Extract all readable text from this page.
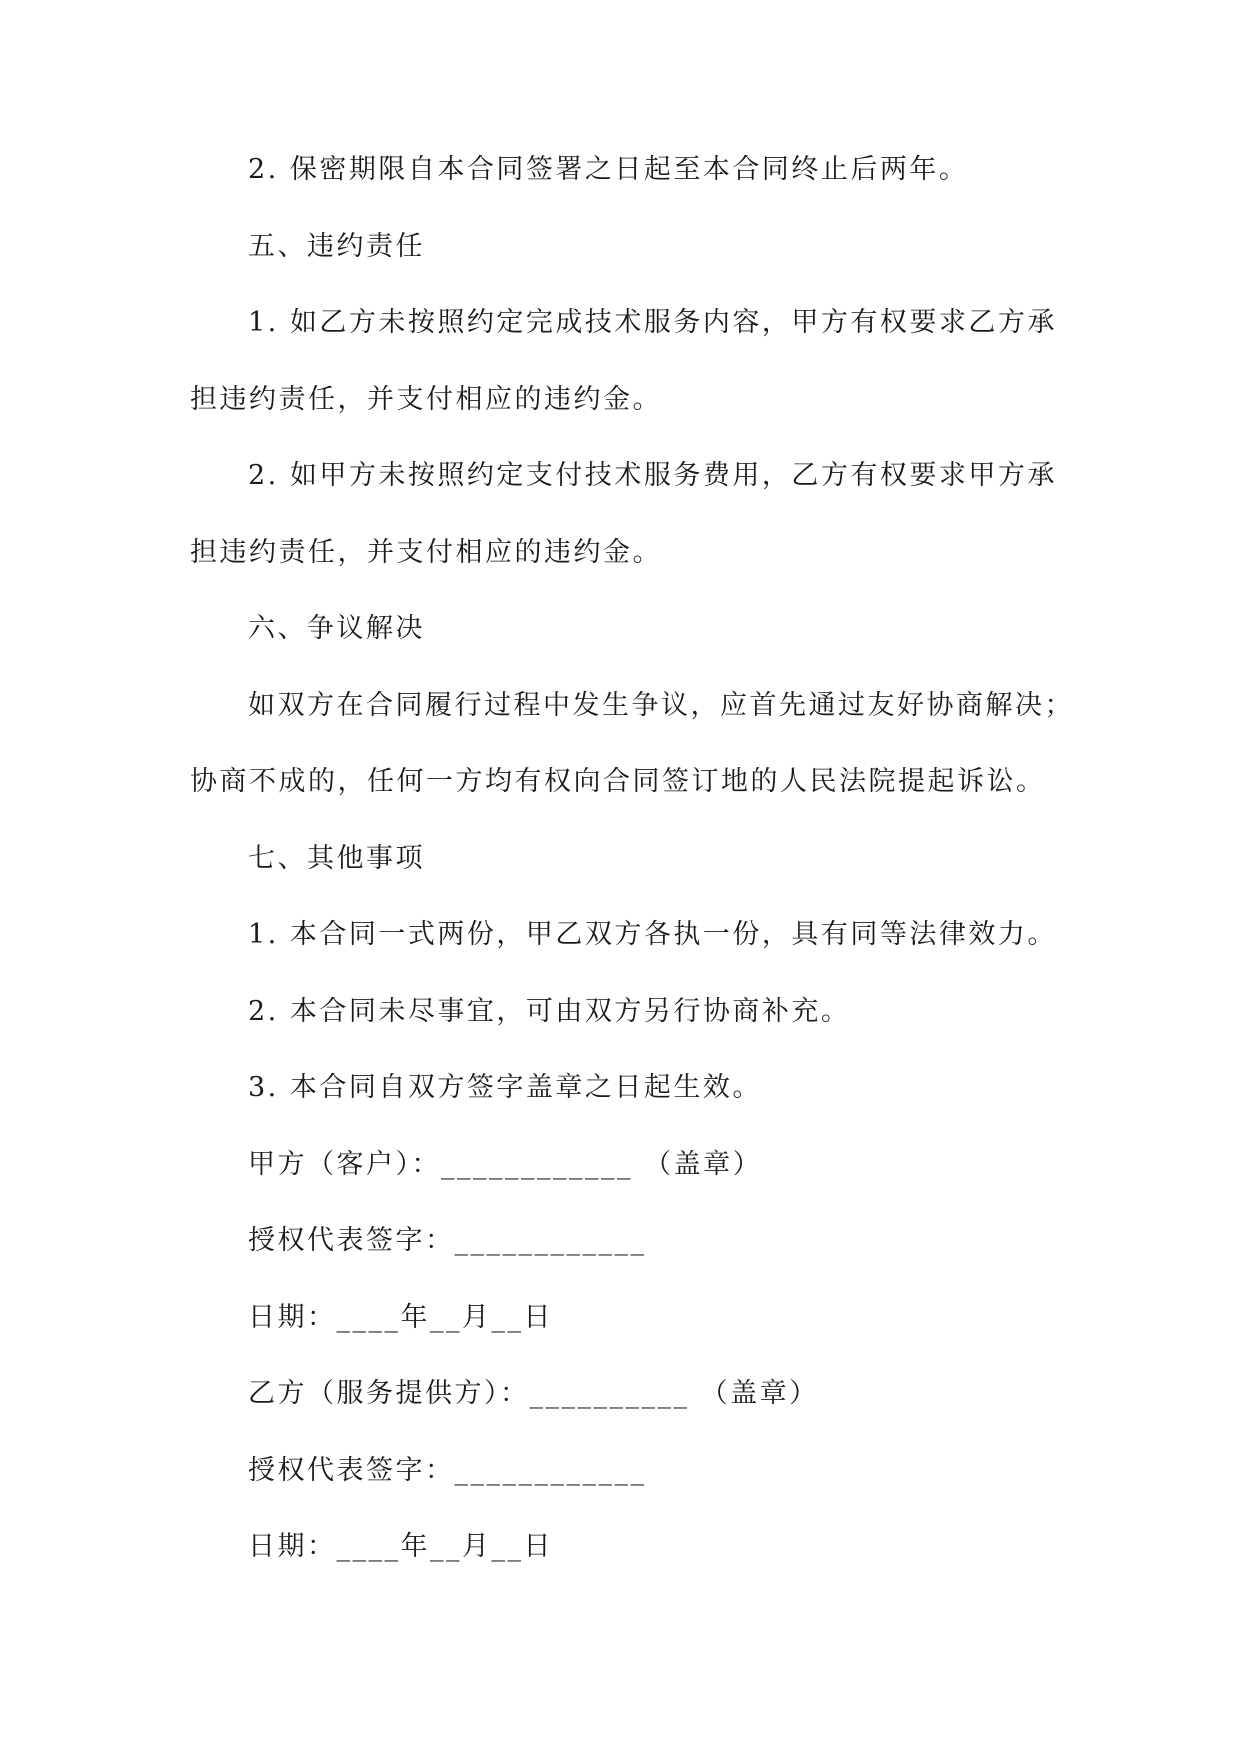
2. 保密期限自本合同签署之日起至本合同终止后两年。
五、违约责任
1. 如乙方未按照约定完成技术服务内容，甲方有权要求乙方承
担违约责任，并支付相应的违约金。
2. 如甲方未按照约定支付技术服务费用，乙方有权要求甲方承
担违约责任，并支付相应的违约金。
六、争议解决
如双方在合同履行过程中发生争议，应首先通过友好协商解决；
协商不成的，任何一方均有权向合同签订地的人民法院提起诉讼。
七、其他事项
1. 本合同一式两份，甲乙双方各执一份，具有同等法律效力。
2. 本合同未尽事宜，可由双方另行协商补充。
3. 本合同自双方签字盖章之日起生效。
甲方（客户）：____________ （盖章）
授权代表签字：____________
日期：____年__月__日
乙方（服务提供方）：__________ （盖章）
授权代表签字：____________
日期：____年__月__日
